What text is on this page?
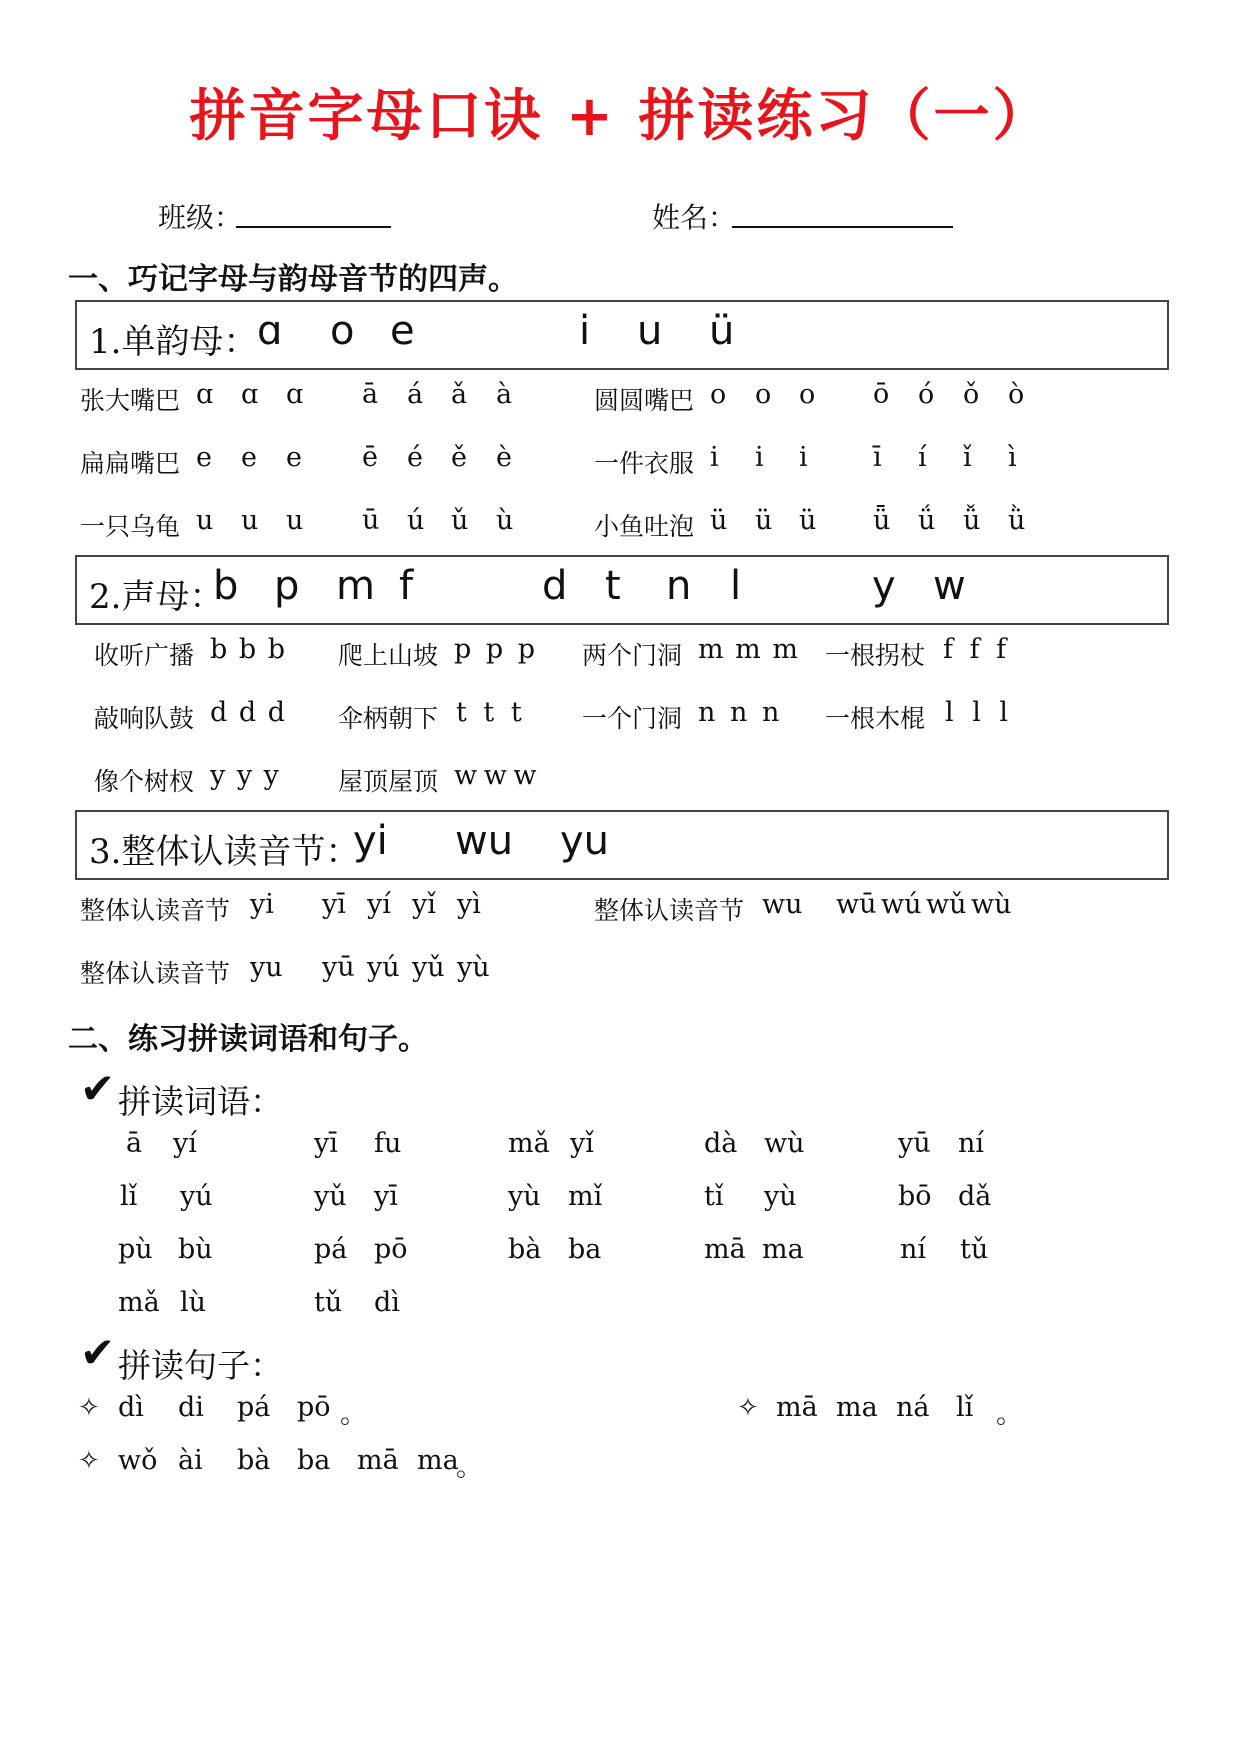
拼音字母口诀 + 拼读练习（一）
班级：	姓名：
一、巧记字母与韵母音节的四声。
1.单韵母： ɑ o e	i u ü
张大嘴巴 ɑ ɑ ɑ ā á ǎ à	圆圆嘴巴 o o o ō ó ǒ ò
扁扁嘴巴 e e e ē é ě è	一件衣服 i i i ī í ǐ ì
一只乌龟 u u u ū ú ǔ ù	小鱼吐泡 ü ü ü ǖ ǘ ǚ ǜ
2.声母：
b p m f	d t n l	y w
收听广播 b b b 爬上山坡 p p p 两个门洞 m m m 一根拐杖 f f f
敲响队鼓 d d d 伞柄朝下 t t t 一个门洞 n n n 一根木棍 l l l
像个树杈 y y y 屋顶屋顶 w w w
3.整体认读音节：
yi wu yu
整体认读音节 yi yī yí yǐ yì	整体认读音节 wu wū wú wǔ wù
整体认读音节 yu yū yú yǔ yù
二、练习拼读词语和句子。
✔ 拼读词语：
ā yí	yī fu	mǎ yǐ	dà wù	yū ní
lǐ yú	yǔ yī	yù mǐ	tǐ yù	bō dǎ
pù bù	pá pō	bà ba	mā ma	ní tǔ
mǎ lù	tǔ dì
✔ 拼读句子：
✧ dì di pá pō 。	✧ mā ma ná lǐ 。
✧ wǒ ài bà ba mā ma
。
